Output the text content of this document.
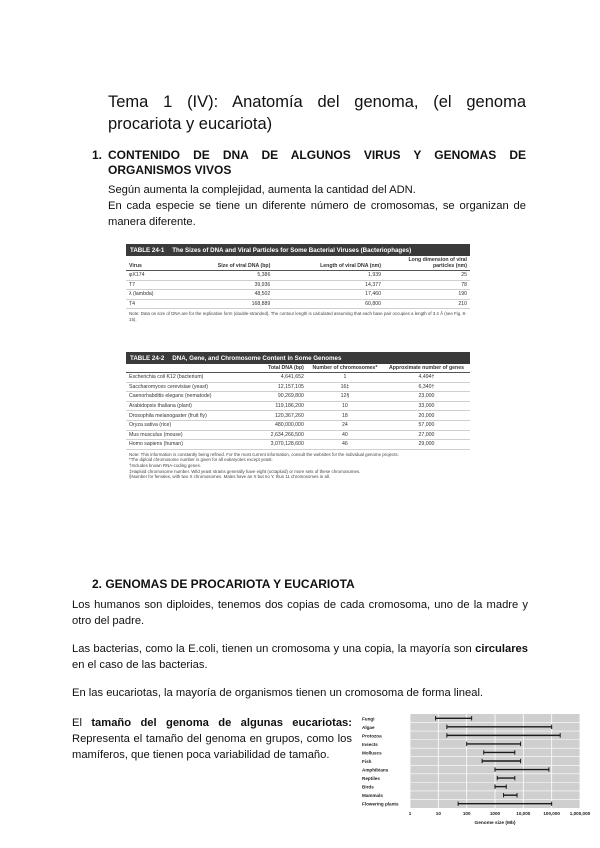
Tema 1 (IV): Anatomía del genoma, (el genoma procariota y eucariota)
1. CONTENIDO DE DNA DE ALGUNOS VIRUS Y GENOMAS DE ORGANISMOS VIVOS
Según aumenta la complejidad, aumenta la cantidad del ADN.
En cada especie se tiene un diferente número de cromosomas, se organizan de manera diferente.
TABLE 24-1 The Sizes of DNA and Viral Particles for Some Bacterial Viruses (Bacteriophages)
Virus	Size of viral DNA (bp)	Length of viral DNA (nm)	Long dimension of viral particles (nm)
φX174	5,386	1,939	25
T7	39,936	14,377	78
λ (lambda)	48,502	17,460	190
T4	168,889	60,800	210
Note: Data on size of DNA are for the replicative form (double-stranded). The contour length is calculated assuming that each base pair occupies a length of 3.4 Å (see Fig. 8-15).
TABLE 24-2 DNA, Gene, and Chromosome Content in Some Genomes
	Total DNA (bp)	Number of chromosomes*	Approximate number of genes
Escherichia coli K12 (bacterium)	4,641,652	1	4,494†
Saccharomyces cerevisiae (yeast)	12,157,105	16‡	6,340†
Caenorhabditis elegans (nematode)	90,269,800	12§	23,000
Arabidopsis thaliana (plant)	119,186,200	10	33,000
Drosophila melanogaster (fruit fly)	120,367,260	18	20,000
Oryza sativa (rice)	480,000,000	24	57,000
Mus musculus (mouse)	2,634,266,500	40	27,000
Homo sapiens (human)	3,070,128,600	46	29,000
Note: This information is constantly being refined. For the most current information, consult the websites for the individual genome projects.
*The diploid chromosome number is given for all eukaryotes except yeast.
†Includes known RNA-coding genes.
‡Haploid chromosome number. Wild yeast strains generally have eight (octaploid) or more sets of these chromosomes.
§Number for females, with two X chromosomes. Males have an X but no Y, thus 11 chromosomes in all.
2. GENOMAS DE PROCARIOTA Y EUCARIOTA
Los humanos son diploides, tenemos dos copias de cada cromosoma, uno de la madre y otro del padre.
Las bacterias, como la E.coli, tienen un cromosoma y una copia, la mayoría son circulares en el caso de las bacterias.
En las eucariotas, la mayoría de organismos tienen un cromosoma de forma lineal.
El tamaño del genoma de algunas eucariotas: Representa el tamaño del genoma en grupos, como los mamíferos, que tienen poca variabilidad de tamaño.
Fungi
Algae
Protozoa
Insects
Molluscs
Fish
Amphibians
Reptiles
Birds
Mammals
Flowering plants
1	10	100	1000	10,000	100,000 1,000,000
Genome size (Mb)
